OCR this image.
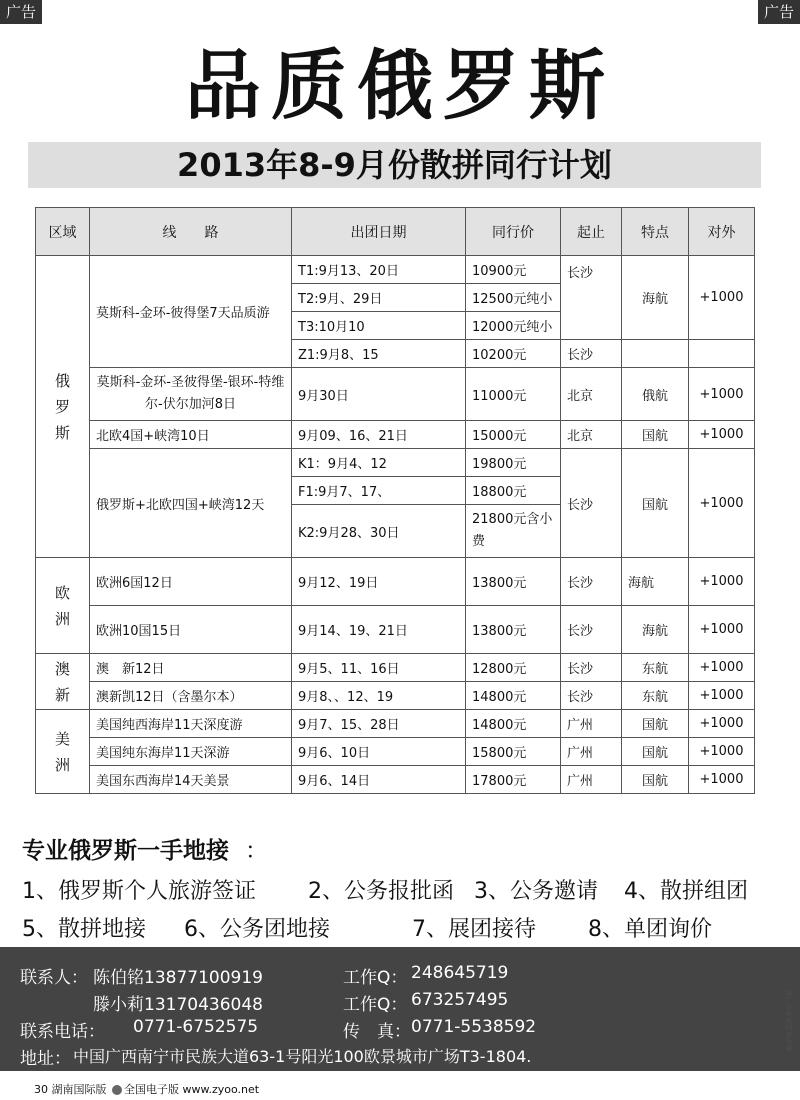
广告	广告
品质俄罗斯
2013年8-9月份散拼同行计划
区域	线　　路	出团日期	同行价	起止	特点	对外
俄罗斯	莫斯科-金环-彼得堡7天品质游	T1:9月13、20日	10900元	长沙	海航	+1000
		T2:9月、29日	12500元纯小			
		T3:10月10	12000元纯小			
		Z1:9月8、15	10200元	长沙		
	莫斯科-金环-圣彼得堡-银环-特维尔-伏尔加河8日	9月30日	11000元	北京	俄航	+1000
	北欧4国+峡湾10日	9月09、16、21日	15000元	北京	国航	+1000
	俄罗斯+北欧四国+峡湾12天	K1：9月4、12	19800元	长沙	国航	+1000
		F1:9月7、17、	18800元			
		K2:9月28、30日	21800元含小费			
欧洲	欧洲6国12日	9月12、19日	13800元	长沙	海航	+1000
	欧洲10国15日	9月14、19、21日	13800元	长沙	海航	+1000
澳新	澳　新12日	9月5、11、16日	12800元	长沙	东航	+1000
	澳新凯12日（含墨尔本）	9月8、、12、19	14800元	长沙	东航	+1000
美洲	美国纯西海岸11天深度游	9月7、15、28日	14800元	广州	国航	+1000
	美国纯东海岸11天深游	9月6、10日	15800元	广州	国航	+1000
	美国东西海岸14天美景	9月6、14日	17800元	广州	国航	+1000
专业俄罗斯一手地接 ：
1、俄罗斯个人旅游签证 2、公务报批函 3、公务邀请 4、散拼组团
5、散拼地接 6、公务团地接	7、展团接待 8、单团询价
联系人： 陈伯铭13877100919
滕小莉13170436048
工作Q： 248645719
工作Q： 673257495
联系电话： 0771-6752575	传　真： 0771-5538592
地址： 中国广西南宁市民族大道63-1号阳光100欧景城市广场T3-1804.
30 湖南国际版 全国电子版 www.zyoo.net
以广告形式刊登为准
